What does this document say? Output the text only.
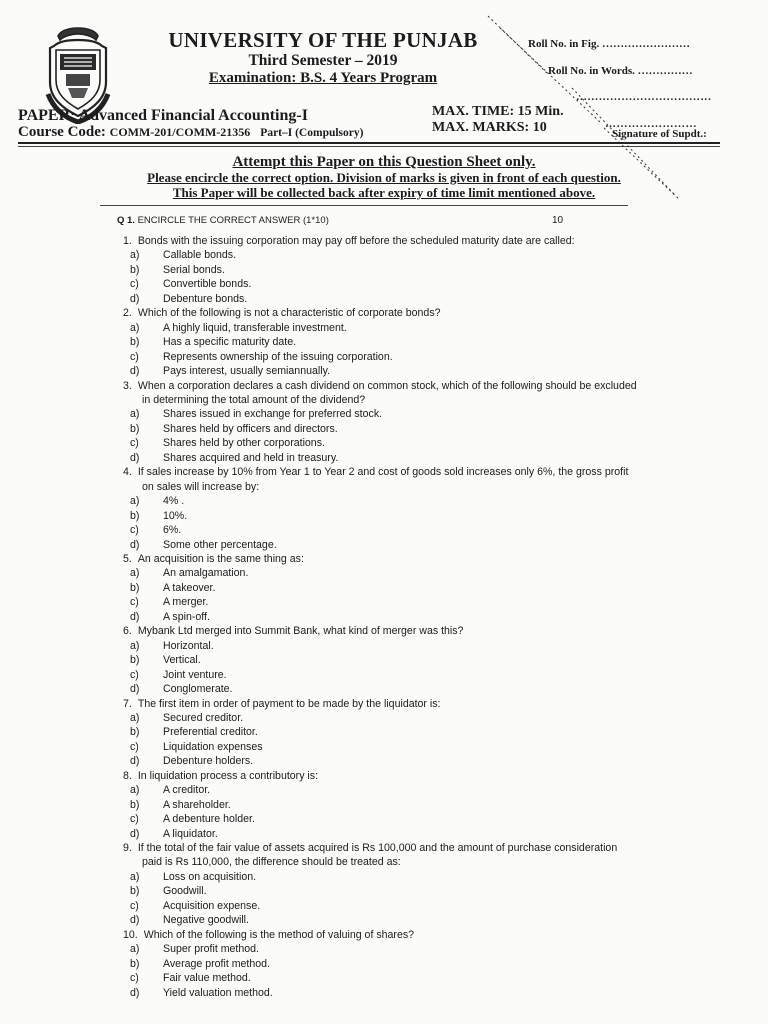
UNIVERSITY OF THE PUNJAB
Third Semester – 2019
Examination: B.S. 4 Years Program
Roll No. in Fig. ……………………
Roll No. in Words. ……………
………………………………
PAPER: Advanced Financial Accounting-I
Course Code: COMM-201/COMM-21356 Part–I (Compulsory)
MAX. TIME: 15 Min.
MAX. MARKS: 10	……………………
Signature of Supdt.:
Attempt this Paper on this Question Sheet only.
Please encircle the correct option. Division of marks is given in front of each question.
This Paper will be collected back after expiry of time limit mentioned above.
Q 1. ENCIRCLE THE CORRECT ANSWER (1*10)	10
1. Bonds with the issuing corporation may pay off before the scheduled maturity date are called:
a) Callable bonds.
b) Serial bonds.
c) Convertible bonds.
d) Debenture bonds.
2. Which of the following is not a characteristic of corporate bonds?
a) A highly liquid, transferable investment.
b) Has a specific maturity date.
c) Represents ownership of the issuing corporation.
d) Pays interest, usually semiannually.
3. When a corporation declares a cash dividend on common stock, which of the following should be excluded in determining the total amount of the dividend?
a) Shares issued in exchange for preferred stock.
b) Shares held by officers and directors.
c) Shares held by other corporations.
d) Shares acquired and held in treasury.
4. If sales increase by 10% from Year 1 to Year 2 and cost of goods sold increases only 6%, the gross profit on sales will increase by:
a) 4% .
b) 10%.
c) 6%.
d) Some other percentage.
5. An acquisition is the same thing as:
a) An amalgamation.
b) A takeover.
c) A merger.
d) A spin-off.
6. Mybank Ltd merged into Summit Bank, what kind of merger was this?
a) Horizontal.
b) Vertical.
c) Joint venture.
d) Conglomerate.
7. The first item in order of payment to be made by the liquidator is:
a) Secured creditor.
b) Preferential creditor.
c) Liquidation expenses
d) Debenture holders.
8. In liquidation process a contributory is:
a) A creditor.
b) A shareholder.
c) A debenture holder.
d) A liquidator.
9. If the total of the fair value of assets acquired is Rs 100,000 and the amount of purchase consideration paid is Rs 110,000, the difference should be treated as:
a) Loss on acquisition.
b) Goodwill.
c) Acquisition expense.
d) Negative goodwill.
10. Which of the following is the method of valuing of shares?
a) Super profit method.
b) Average profit method.
c) Fair value method.
d) Yield valuation method.
